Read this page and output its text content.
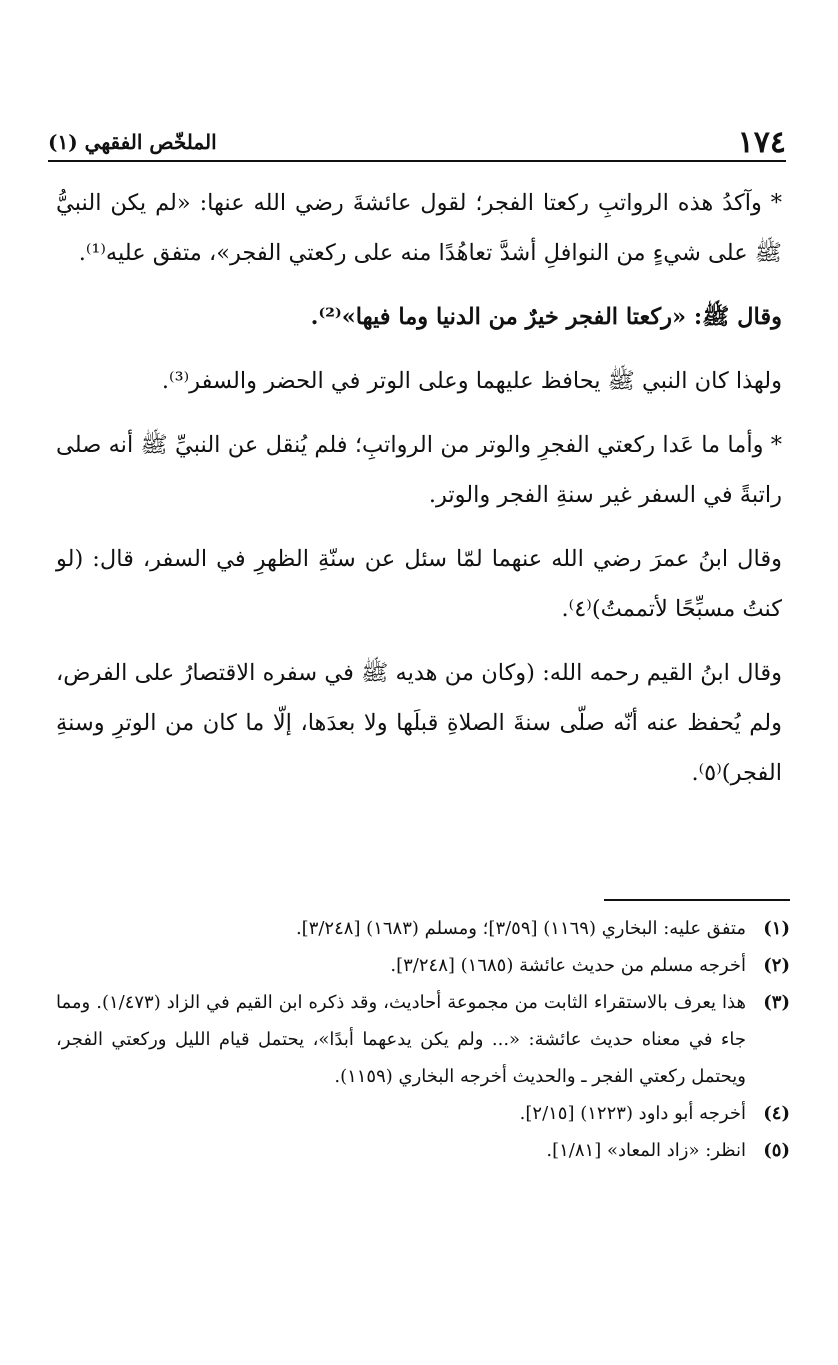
١٧٤
الملخّص الفقهي (١)

* وآكدُ هذه الرواتبِ ركعتا الفجر؛ لقول عائشةَ رضي الله عنها: «لم يكن النبيُّ ﷺ على شيءٍ من النوافلِ أشدَّ تعاهُدًا منه على ركعتي الفجر»، متفق عليه⁽¹⁾.

وقال ﷺ: «ركعتا الفجر خيرٌ من الدنيا وما فيها»⁽²⁾.

ولهذا كان النبي ﷺ يحافظ عليهما وعلى الوتر في الحضر والسفر⁽³⁾.

* وأما ما عَدا ركعتي الفجرِ والوتر من الرواتبِ؛ فلم يُنقل عن النبيِّ ﷺ أنه صلى راتبةً في السفر غير سنةِ الفجر والوتر.

وقال ابنُ عمرَ رضي الله عنهما لمّا سئل عن سنّةِ الظهرِ في السفر، قال: (لو كنتُ مسبِّحًا لأتممتُ)⁽٤⁾.

وقال ابنُ القيم رحمه الله: (وكان من هديه ﷺ في سفره الاقتصارُ على الفرض، ولم يُحفظ عنه أنّه صلّى سنةَ الصلاةِ قبلَها ولا بعدَها، إلّا ما كان من الوترِ وسنةِ الفجر)⁽٥⁾.

(١)
متفق عليه: البخاري (١١٦٩) [٣/٥٩]؛ ومسلم (١٦٨٣) [٣/٢٤٨].
(٢)
أخرجه مسلم من حديث عائشة (١٦٨٥) [٣/٢٤٨].
(٣)
هذا يعرف بالاستقراء الثابت من مجموعة أحاديث، وقد ذكره ابن القيم في الزاد (١/٤٧٣). ومما جاء في معناه حديث عائشة: «... ولم يكن يدعهما أبدًا»، يحتمل قيام الليل وركعتي الفجر، ويحتمل ركعتي الفجر ـ والحديث أخرجه البخاري (١١٥٩).
(٤)
أخرجه أبو داود (١٢٢٣) [٢/١٥].
(٥)
انظر: «زاد المعاد» [١/٨١].
